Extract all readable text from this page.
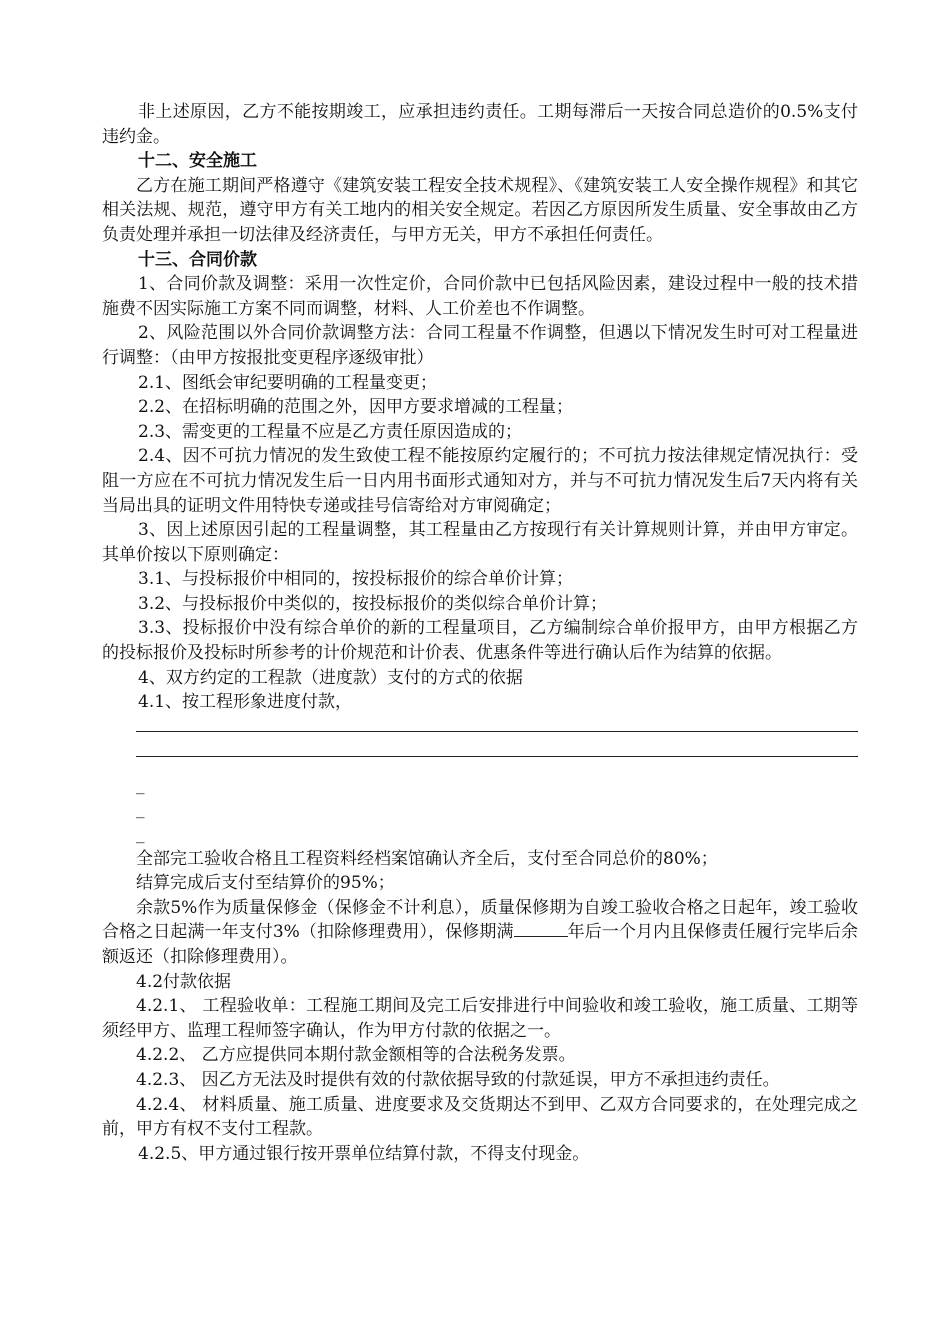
非上述原因，乙方不能按期竣工，应承担违约责任。工期每滞后一天按合同总造价的0.5%支付违约金。

十二、安全施工

乙方在施工期间严格遵守《建筑安装工程安全技术规程》、《建筑安装工人安全操作规程》和其它相关法规、规范，遵守甲方有关工地内的相关安全规定。若因乙方原因所发生质量、安全事故由乙方负责处理并承担一切法律及经济责任，与甲方无关，甲方不承担任何责任。

十三、合同价款

1、合同价款及调整：采用一次性定价，合同价款中已包括风险因素，建设过程中一般的技术措施费不因实际施工方案不同而调整，材料、人工价差也不作调整。

2、风险范围以外合同价款调整方法：合同工程量不作调整，但遇以下情况发生时可对工程量进行调整：（由甲方按报批变更程序逐级审批）

2.1、图纸会审纪要明确的工程量变更；

2.2、在招标明确的范围之外，因甲方要求增减的工程量；

2.3、需变更的工程量不应是乙方责任原因造成的；

2.4、因不可抗力情况的发生致使工程不能按原约定履行的；不可抗力按法律规定情况执行：受阻一方应在不可抗力情况发生后一日内用书面形式通知对方，并与不可抗力情况发生后7天内将有关当局出具的证明文件用特快专递或挂号信寄给对方审阅确定；

3、因上述原因引起的工程量调整，其工程量由乙方按现行有关计算规则计算，并由甲方审定。其单价按以下原则确定：

3.1、与投标报价中相同的，按投标报价的综合单价计算；

3.2、与投标报价中类似的，按投标报价的类似综合单价计算；

3.3、投标报价中没有综合单价的新的工程量项目，乙方编制综合单价报甲方，由甲方根据乙方的投标报价及投标时所参考的计价规范和计价表、优惠条件等进行确认后作为结算的依据。

4、双方约定的工程款（进度款）支付的方式的依据

4.1、按工程形象进度付款，

_
_
_

全部完工验收合格且工程资料经档案馆确认齐全后，支付至合同总价的80%；

结算完成后支付至结算价的95%；

余款5%作为质量保修金（保修金不计利息），质量保修期为自竣工验收合格之日起年，竣工验收合格之日起满一年支付3%（扣除修理费用），保修期满	年后一个月内且保修责任履行完毕后余额返还（扣除修理费用）。

4.2付款依据

4.2.1、 工程验收单：工程施工期间及完工后安排进行中间验收和竣工验收，施工质量、工期等须经甲方、监理工程师签字确认，作为甲方付款的依据之一。

4.2.2、 乙方应提供同本期付款金额相等的合法税务发票。

4.2.3、 因乙方无法及时提供有效的付款依据导致的付款延误，甲方不承担违约责任。

4.2.4、 材料质量、施工质量、进度要求及交货期达不到甲、乙双方合同要求的，在处理完成之前，甲方有权不支付工程款。

4.2.5、甲方通过银行按开票单位结算付款，不得支付现金。
